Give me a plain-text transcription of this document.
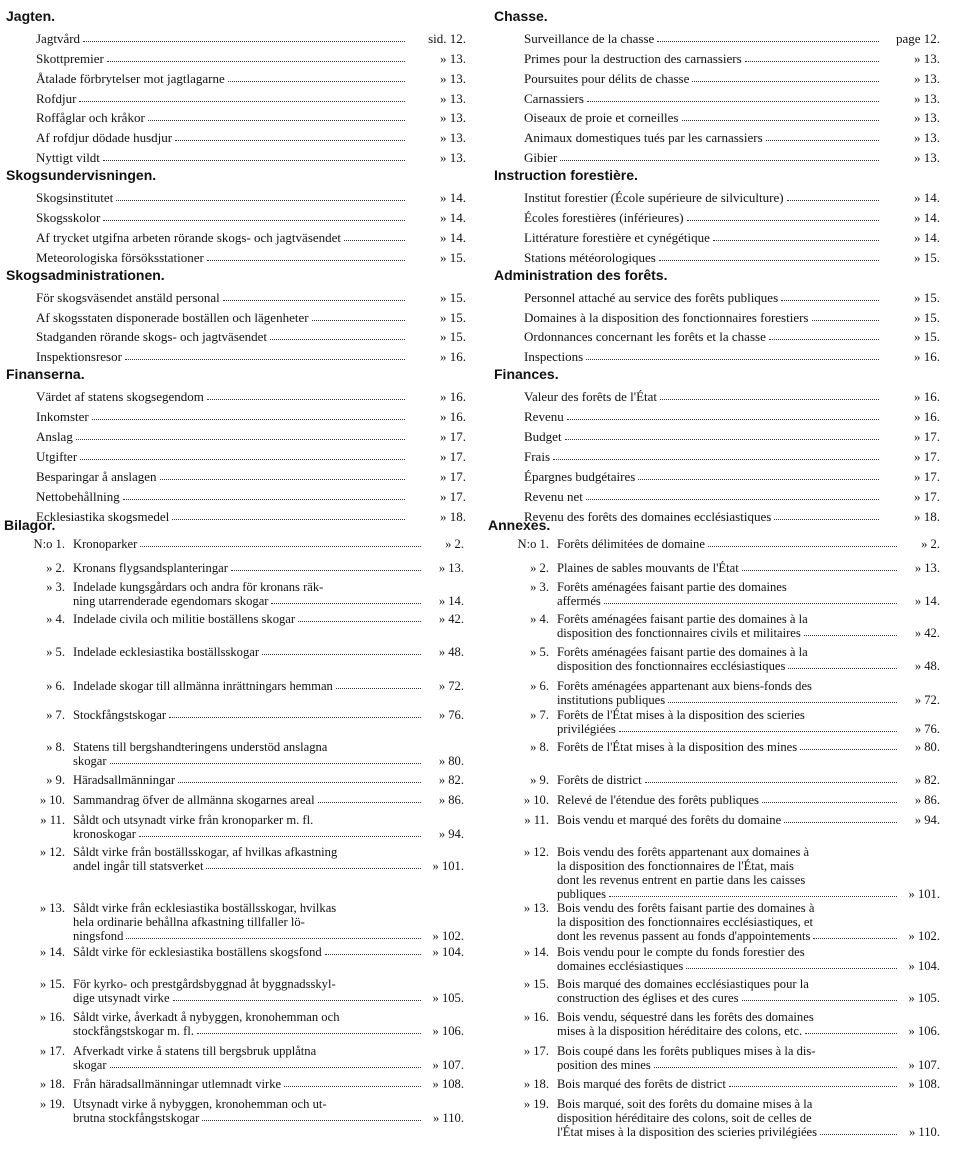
Jagten.
Jagtvård	sid. 12.
Skottpremier	» 13.
Åtalade förbrytelser mot jagtlagarne	» 13.
Rofdjur	» 13.
Roffåglar och kråkor	» 13.
Af rofdjur dödade husdjur	» 13.
Nyttigt vildt	» 13.
Skogsundervisningen.
Skogsinstitutet	» 14.
Skogsskolor	» 14.
Af trycket utgifna arbeten rörande skogs- och jagtväsendet	» 14.
Meteorologiska försöksstationer	» 15.
Skogsadministrationen.
För skogsväsendet anstäld personal	» 15.
Af skogsstaten disponerade boställen och lägenheter	» 15.
Stadganden rörande skogs- och jagtväsendet	» 15.
Inspektionsresor	» 16.
Finanserna.
Värdet af statens skogsegendom	» 16.
Inkomster	» 16.
Anslag	» 17.
Utgifter	» 17.
Besparingar å anslagen	» 17.
Nettobehållning	» 17.
Ecklesiastika skogsmedel	» 18.
Chasse.
Surveillance de la chasse	page 12.
Primes pour la destruction des carnassiers	» 13.
Poursuites pour délits de chasse	» 13.
Carnassiers	» 13.
Oiseaux de proie et corneilles	» 13.
Animaux domestiques tués par les carnassiers	» 13.
Gibier	» 13.
Instruction forestière.
Institut forestier (École supérieure de silviculture)	» 14.
Écoles forestières (inférieures)	» 14.
Littérature forestière et cynégétique	» 14.
Stations météorologiques	» 15.
Administration des forêts.
Personnel attaché au service des forêts publiques	» 15.
Domaines à la disposition des fonctionnaires forestiers	» 15.
Ordonnances concernant les forêts et la chasse	» 15.
Inspections	» 16.
Finances.
Valeur des forêts de l'État	» 16.
Revenu	» 16.
Budget	» 17.
Frais	» 17.
Épargnes budgétaires	» 17.
Revenu net	» 17.
Revenu des forêts des domaines ecclésiastiques	» 18.
Bilagor.
N:o 1. Kronoparker	» 2.
» 2. Kronans flygsandsplanteringar	» 13.
» 3. Indelade kungsgårdars och andra för kronans räk-
ning utarrenderade egendomars skogar	» 14.
» 4. Indelade civila och militie boställens skogar	» 42.
» 5. Indelade ecklesiastika boställsskogar	» 48.
» 6. Indelade skogar till allmänna inrättningars hemman	» 72.
» 7. Stockfångstskogar	» 76.
» 8. Statens till bergshandteringens understöd anslagna
skogar	» 80.
» 9. Häradsallmänningar	» 82.
» 10. Sammandrag öfver de allmänna skogarnes areal	» 86.
» 11. Såldt och utsynadt virke från kronoparker m. fl.
kronoskogar	» 94.
» 12. Såldt virke från boställsskogar, af hvilkas afkastning
andel ingår till statsverket	» 101.
» 13. Såldt virke från ecklesiastika boställsskogar, hvilkas
hela ordinarie behållna afkastning tillfaller lö-
ningsfond	» 102.
» 14. Såldt virke för ecklesiastika boställens skogsfond	» 104.
» 15. För kyrko- och prestgårdsbyggnad åt byggnadsskyl-
dige utsynadt virke	» 105.
» 16. Såldt virke, åverkadt å nybyggen, kronohemman och
stockfångstskogar m. fl.	» 106.
» 17. Afverkadt virke å statens till bergsbruk upplåtna
skogar	» 107.
» 18. Från häradsallmänningar utlemnadt virke	» 108.
» 19. Utsynadt virke å nybyggen, kronohemman och ut-
brutna stockfångstskogar	» 110.
Annexes.
N:o 1. Forêts délimitées de domaine	» 2.
» 2. Plaines de sables mouvants de l'État	» 13.
» 3. Forêts aménagées faisant partie des domaines
affermés	» 14.
» 4. Forêts aménagées faisant partie des domaines à la
disposition des fonctionnaires civils et militaires	» 42.
» 5. Forêts aménagées faisant partie des domaines à la
disposition des fonctionnaires ecclésiastiques	» 48.
» 6. Forêts aménagées appartenant aux biens-fonds des
institutions publiques	» 72.
» 7. Forêts de l'État mises à la disposition des scieries
privilégiées	» 76.
» 8. Forêts de l'État mises à la disposition des mines	» 80.
» 9. Forêts de district	» 82.
» 10. Relevé de l'étendue des forêts publiques	» 86.
» 11. Bois vendu et marqué des forêts du domaine	» 94.
» 12. Bois vendu des forêts appartenant aux domaines à
la disposition des fonctionnaires de l'État, mais
dont les revenus entrent en partie dans les caisses
publiques	» 101.
» 13. Bois vendu des forêts faisant partie des domaines à
la disposition des fonctionnaires ecclésiastiques, et
dont les revenus passent au fonds d'appointements	» 102.
» 14. Bois vendu pour le compte du fonds forestier des
domaines ecclésiastiques	» 104.
» 15. Bois marqué des domaines ecclésiastiques pour la
construction des églises et des cures	» 105.
» 16. Bois vendu, séquestré dans les forêts des domaines
mises à la disposition héréditaire des colons, etc.	» 106.
» 17. Bois coupé dans les forêts publiques mises à la dis-
position des mines	» 107.
» 18. Bois marqué des forêts de district	» 108.
» 19. Bois marqué, soit des forêts du domaine mises à la
disposition héréditaire des colons, soit de celles de
l'État mises à la disposition des scieries privilégiées	» 110.
